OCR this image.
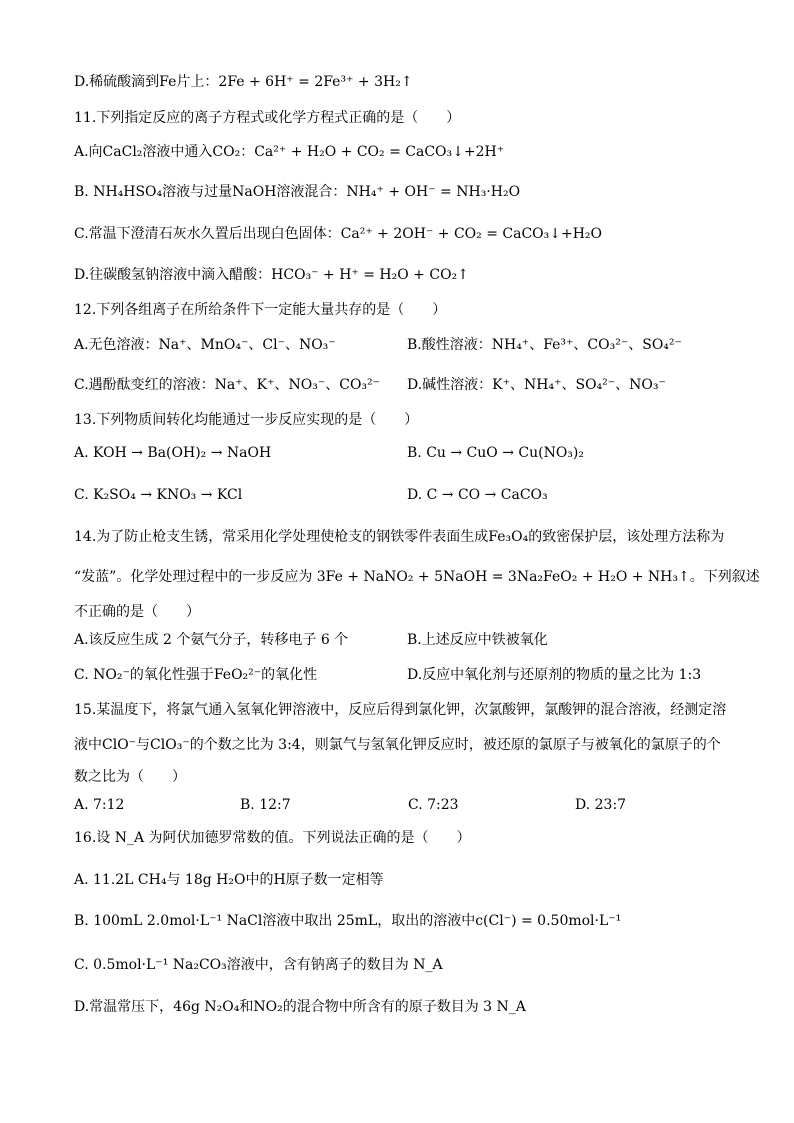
D.稀硫酸滴到Fe片上：2Fe + 6H⁺ = 2Fe³⁺ + 3H₂↑
11.下列指定反应的离子方程式或化学方程式正确的是（　　）
A.向CaCl₂溶液中通入CO₂：Ca²⁺ + H₂O + CO₂ = CaCO₃↓+2H⁺
B. NH₄HSO₄溶液与过量NaOH溶液混合：NH₄⁺ + OH⁻ = NH₃·H₂O
C.常温下澄清石灰水久置后出现白色固体：Ca²⁺ + 2OH⁻ + CO₂ = CaCO₃↓+H₂O
D.往碳酸氢钠溶液中滴入醋酸：HCO₃⁻ + H⁺ = H₂O + CO₂↑
12.下列各组离子在所给条件下一定能大量共存的是（　　）
A.无色溶液：Na⁺、MnO₄⁻、Cl⁻、NO₃⁻	B.酸性溶液：NH₄⁺、Fe³⁺、CO₃²⁻、SO₄²⁻
C.遇酚酞变红的溶液：Na⁺、K⁺、NO₃⁻、CO₃²⁻ D.碱性溶液：K⁺、NH₄⁺、SO₄²⁻、NO₃⁻
13.下列物质间转化均能通过一步反应实现的是（　　）
A. KOH → Ba(OH)₂ → NaOH	B. Cu → CuO → Cu(NO₃)₂
C. K₂SO₄ → KNO₃ → KCl	D. C → CO → CaCO₃
14.为了防止枪支生锈，常采用化学处理使枪支的钢铁零件表面生成Fe₃O₄的致密保护层，该处理方法称为
“发蓝”。化学处理过程中的一步反应为 3Fe + NaNO₂ + 5NaOH = 3Na₂FeO₂ + H₂O + NH₃↑。下列叙述
不正确的是（　　）
A.该反应生成 2 个氨气分子，转移电子 6 个	B.上述反应中铁被氧化
C. NO₂⁻的氧化性强于FeO₂²⁻的氧化性	D.反应中氧化剂与还原剂的物质的量之比为 1:3
15.某温度下，将氯气通入氢氧化钾溶液中，反应后得到氯化钾，次氯酸钾，氯酸钾的混合溶液，经测定溶
液中ClO⁻与ClO₃⁻的个数之比为 3:4，则氯气与氢氧化钾反应时，被还原的氯原子与被氧化的氯原子的个
数之比为（　　）
A. 7:12	B. 12:7	C. 7:23	D. 23:7
16.设 N_A 为阿伏加德罗常数的值。下列说法正确的是（　　）
A. 11.2L CH₄与 18g H₂O中的H原子数一定相等
B. 100mL 2.0mol·L⁻¹ NaCl溶液中取出 25mL，取出的溶液中c(Cl⁻) = 0.50mol·L⁻¹
C. 0.5mol·L⁻¹ Na₂CO₃溶液中，含有钠离子的数目为 N_A
D.常温常压下，46g N₂O₄和NO₂的混合物中所含有的原子数目为 3 N_A
